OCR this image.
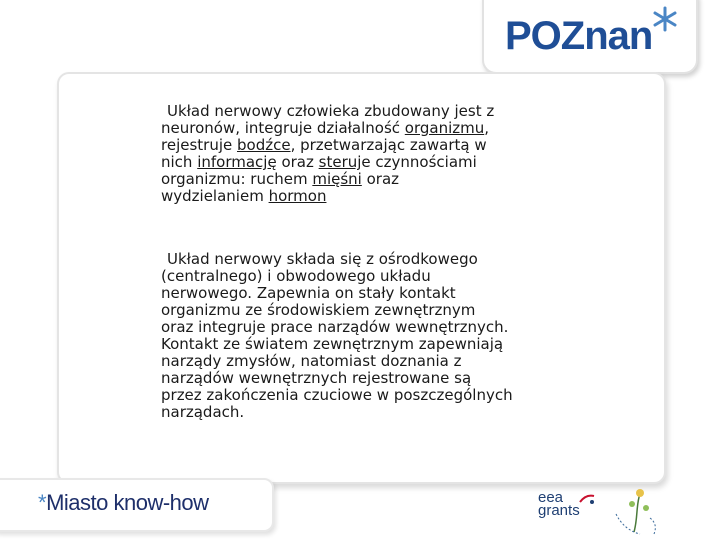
POZnan

Układ nerwowy człowieka zbudowany jest z
neuronów, integruje działalność organizmu,
rejestruje bodźce, przetwarzając zawartą w
nich informację oraz steruje czynnościami
organizmu: ruchem mięśni oraz
wydzielaniem hormon

Układ nerwowy składa się z ośrodkowego
(centralnego) i obwodowego układu
nerwowego. Zapewnia on stały kontakt
organizmu ze środowiskiem zewnętrznym
oraz integruje prace narządów wewnętrznych.
Kontakt ze światem zewnętrznym zapewniają
narządy zmysłów, natomiast doznania z
narządów wewnętrznych rejestrowane są
przez zakończenia czuciowe w poszczególnych
narządach.

*Miasto know-how	eea
grants
